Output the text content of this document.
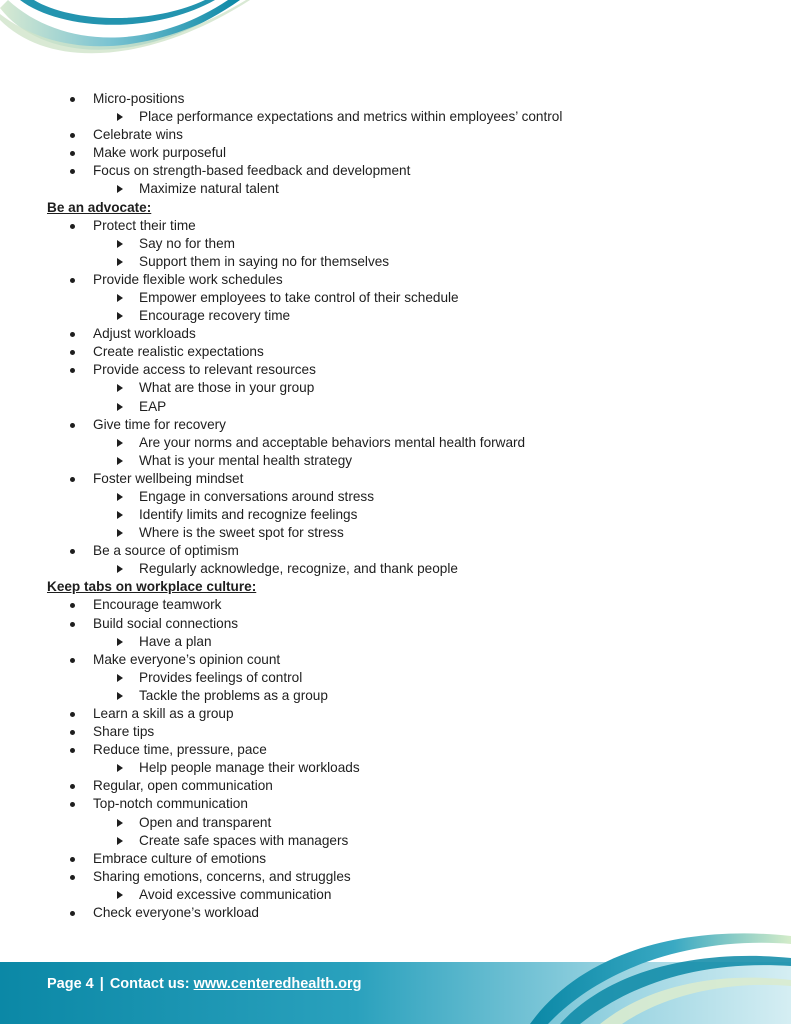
Micro-positions
Place performance expectations and metrics within employees’ control
Celebrate wins
Make work purposeful
Focus on strength-based feedback and development
Maximize natural talent
Be an advocate:
Protect their time
Say no for them
Support them in saying no for themselves
Provide flexible work schedules
Empower employees to take control of their schedule
Encourage recovery time
Adjust workloads
Create realistic expectations
Provide access to relevant resources
What are those in your group
EAP
Give time for recovery
Are your norms and acceptable behaviors mental health forward
What is your mental health strategy
Foster wellbeing mindset
Engage in conversations around stress
Identify limits and recognize feelings
Where is the sweet spot for stress
Be a source of optimism
Regularly acknowledge, recognize, and thank people
Keep tabs on workplace culture:
Encourage teamwork
Build social connections
Have a plan
Make everyone’s opinion count
Provides feelings of control
Tackle the problems as a group
Learn a skill as a group
Share tips
Reduce time, pressure, pace
Help people manage their workloads
Regular, open communication
Top-notch communication
Open and transparent
Create safe spaces with managers
Embrace culture of emotions
Sharing emotions, concerns, and struggles
Avoid excessive communication
Check everyone’s workload
Page 4 | Contact us: www.centeredhealth.org
